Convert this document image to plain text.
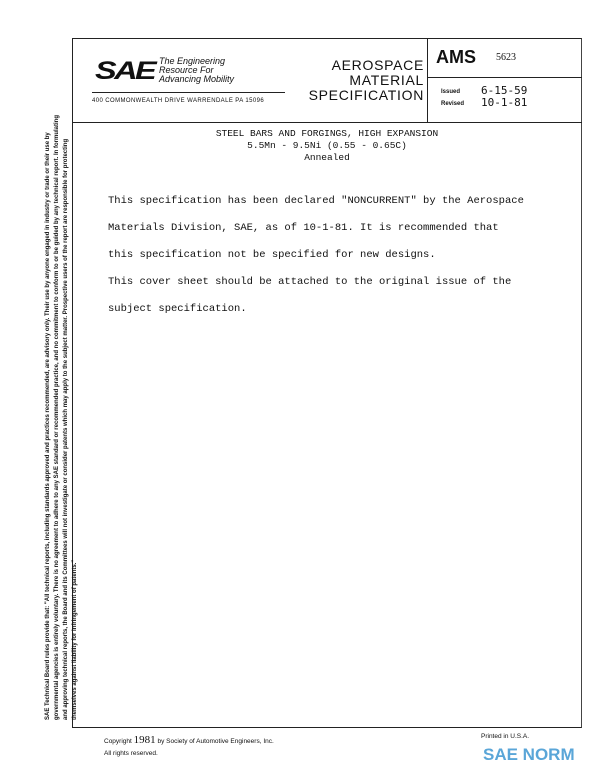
SAE The Engineering
Resource For
Advancing Mobility
400 COMMONWEALTH DRIVE WARRENDALE PA 15096
AEROSPACE
MATERIAL
SPECIFICATION
AMS 5623
Issued 6-15-59
Revised 10-1-81
STEEL BARS AND FORGINGS, HIGH EXPANSION
5.5Mn - 9.5Ni (0.55 - 0.65C)
Annealed

This specification has been declared "NONCURRENT" by the Aerospace Materials Division, SAE, as of 10-1-81. It is recommended that this specification not be specified for new designs.

This cover sheet should be attached to the original issue of the subject specification.

SAE Technical Board rules provide that: "All technical reports, including standards approved and practices recommended, are advisory only. Their use by anyone engaged in industry or trade or their use by governmental agencies is entirely voluntary. There is no agreement to adhere to any SAE standard or recommended practice, and no commitment to conform to or be guided by any technical report. In formulating and approving technical reports, the Board and its Committees will not investigate or consider patents which may apply to the subject matter. Prospective users of the report are responsible for protecting themselves against liability for infringement of patents."
Copyright 1981 by Society of Automotive Engineers, Inc.
All rights reserved.
Printed in U.S.A.
SAE NORM
